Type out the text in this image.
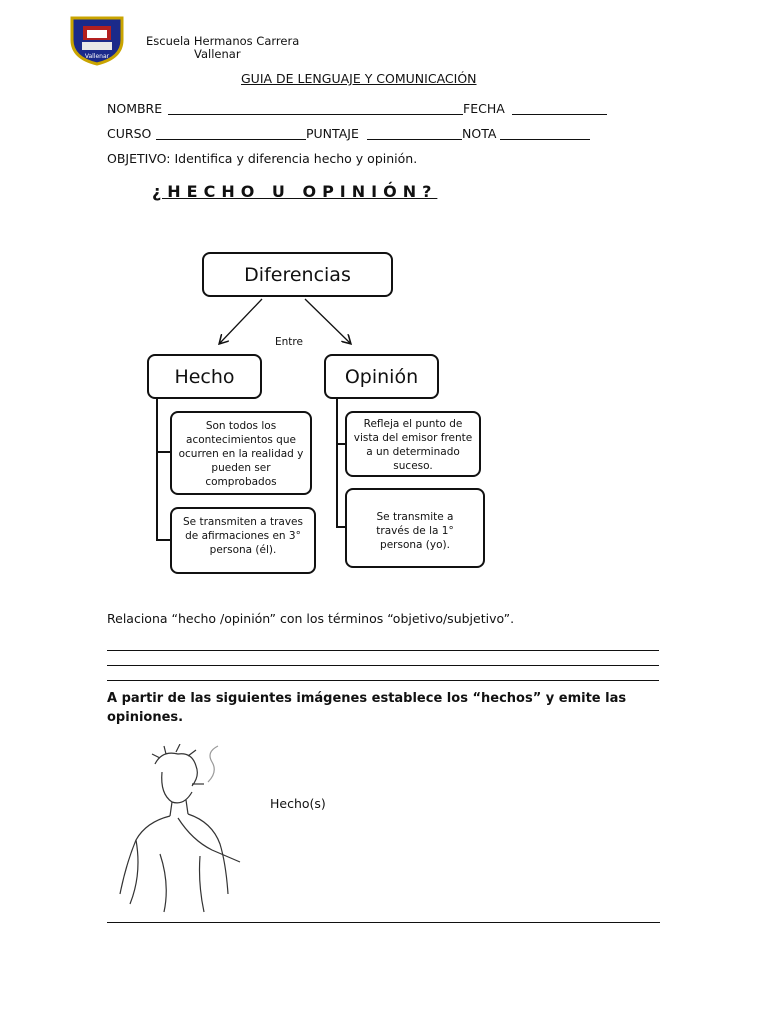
Vallenar
Escuela Hermanos Carrera
Vallenar
GUIA DE LENGUAJE Y COMUNICACIÓN
NOMBRE	FECHA
CURSO	PUNTAJE	NOTA
OBJETIVO: Identifica y diferencia hecho y opinión.
¿HECHO U OPINIÓN?
Diferencias
Entre
Hecho	Opinión
Son todos los acontecimientos que ocurren en la realidad y pueden ser comprobados
Se transmiten a traves de afirmaciones en 3° persona (él).
Refleja el punto de vista del emisor frente a un determinado suceso.
Se transmite a través de la 1° persona (yo).
Relaciona “hecho /opinión” con los términos “objetivo/subjetivo”.
A partir de las siguientes imágenes establece los “hechos” y emite las opiniones.
Hecho(s)
